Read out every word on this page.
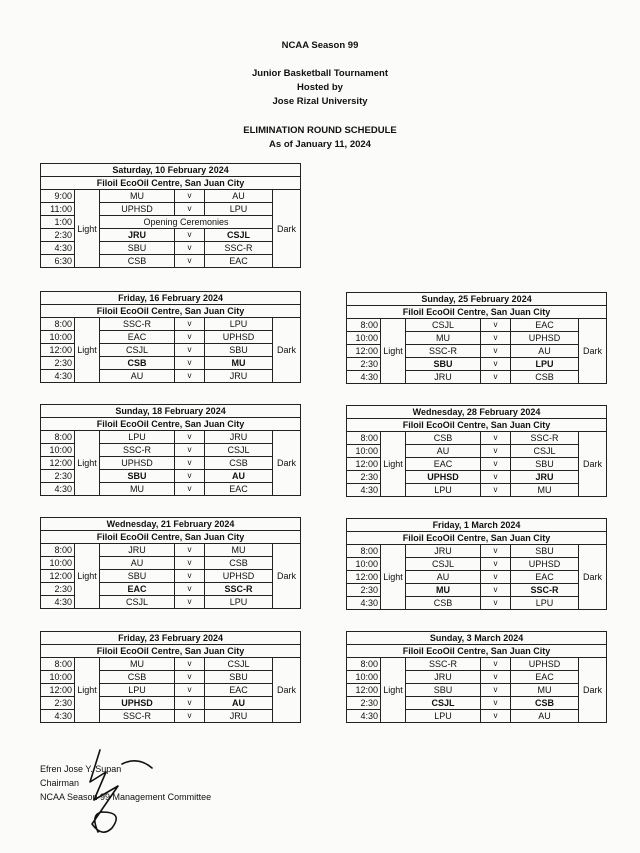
NCAA Season 99
Junior Basketball Tournament
Hosted by
Jose Rizal University
ELIMINATION ROUND SCHEDULE
As of January 11, 2024
Saturday, 10 February 2024					
Filoil EcoOil Centre, San Juan City					
9:00	Light	MU	v	AU	Dark
11:00		UPHSD	v	LPU	
1:00		Opening Ceremonies			
2:30		JRU	v	CSJL	
4:30		SBU	v	SSC-R	
6:30		CSB	v	EAC	
Friday, 16 February 2024					
Filoil EcoOil Centre, San Juan City					
8:00	Light	SSC-R	v	LPU	Dark
10:00		EAC	v	UPHSD	
12:00		CSJL	v	SBU	
2:30		CSB	v	MU	
4:30		AU	v	JRU	
Sunday, 18 February 2024					
Filoil EcoOil Centre, San Juan City					
8:00	Light	LPU	v	JRU	Dark
10:00		SSC-R	v	CSJL	
12:00		UPHSD	v	CSB	
2:30		SBU	v	AU	
4:30		MU	v	EAC	
Wednesday, 21 February 2024					
Filoil EcoOil Centre, San Juan City					
8:00	Light	JRU	v	MU	Dark
10:00		AU	v	CSB	
12:00		SBU	v	UPHSD	
2:30		EAC	v	SSC-R	
4:30		CSJL	v	LPU	
Friday, 23 February 2024					
Filoil EcoOil Centre, San Juan City					
8:00	Light	MU	v	CSJL	Dark
10:00		CSB	v	SBU	
12:00		LPU	v	EAC	
2:30		UPHSD	v	AU	
4:30		SSC-R	v	JRU	
Sunday, 25 February 2024					
Filoil EcoOil Centre, San Juan City					
8:00	Light	CSJL	v	EAC	Dark
10:00		MU	v	UPHSD	
12:00		SSC-R	v	AU	
2:30		SBU	v	LPU	
4:30		JRU	v	CSB	
Wednesday, 28 February 2024					
Filoil EcoOil Centre, San Juan City					
8:00	Light	CSB	v	SSC-R	Dark
10:00		AU	v	CSJL	
12:00		EAC	v	SBU	
2:30		UPHSD	v	JRU	
4:30		LPU	v	MU	
Friday, 1 March 2024					
Filoil EcoOil Centre, San Juan City					
8:00	Light	JRU	v	SBU	Dark
10:00		CSJL	v	UPHSD	
12:00		AU	v	EAC	
2:30		MU	v	SSC-R	
4:30		CSB	v	LPU	
Sunday, 3 March 2024					
Filoil EcoOil Centre, San Juan City					
8:00	Light	SSC-R	v	UPHSD	Dark
10:00		JRU	v	EAC	
12:00		SBU	v	MU	
2:30		CSJL	v	CSB	
4:30		LPU	v	AU	
Efren Jose Y. Supan
Chairman
NCAA Season 99 Management Committee
